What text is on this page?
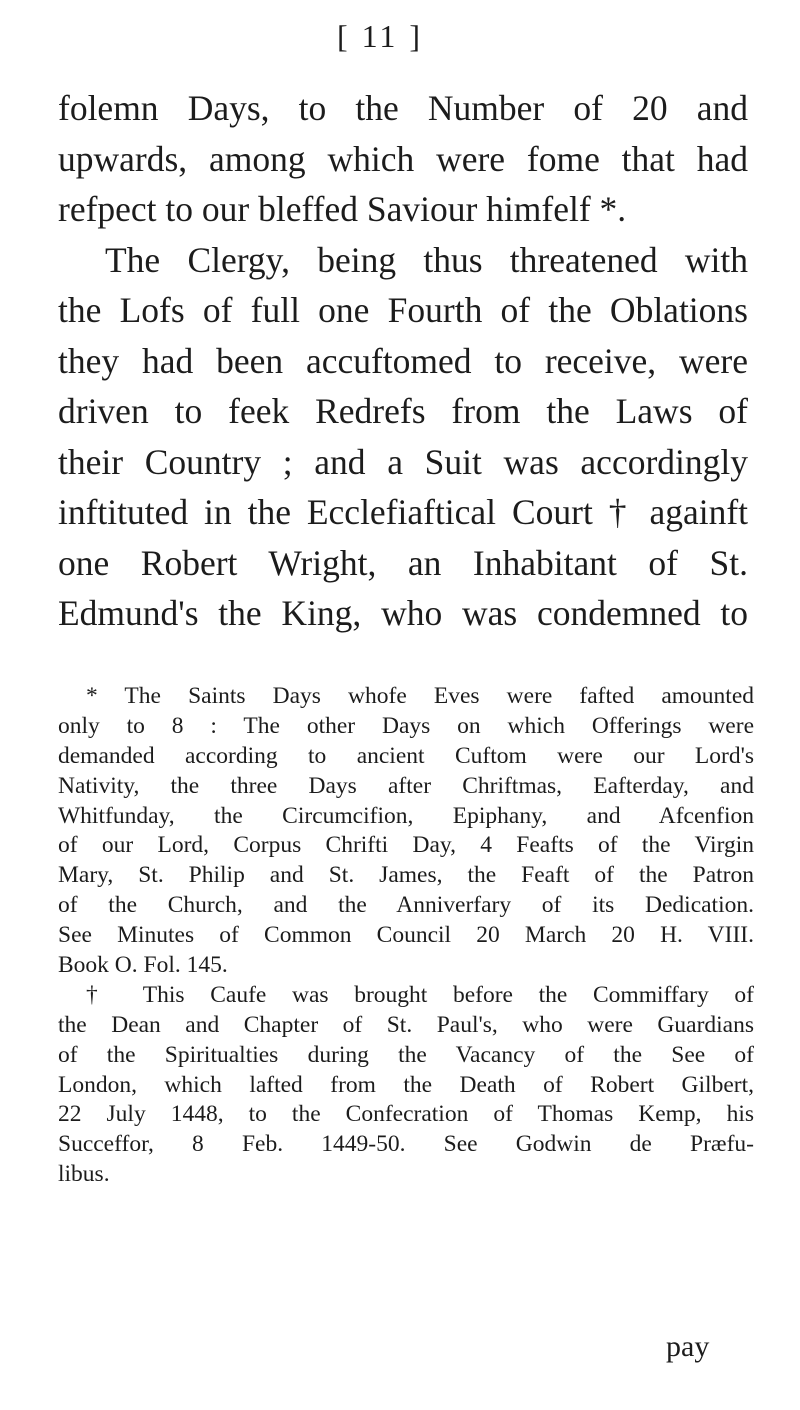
[ 11 ]
folemn Days, to the Number of 20 and
upwards, among which were fome that had
refpect to our bleffed Saviour himfelf *.
The Clergy, being thus threatened with
the Lofs of full one Fourth of the Oblations
they had been accuftomed to receive, were
driven to feek Redrefs from the Laws of
their Country ; and a Suit was accordingly
inftituted in the Ecclefiaftical Court † againft
one Robert Wright, an Inhabitant of St.
Edmund's the King, who was condemned to
* The Saints Days whofe Eves were fafted amounted
only to 8 : The other Days on which Offerings were
demanded according to ancient Cuftom were our Lord's
Nativity, the three Days after Chriftmas, Eafterday, and
Whitfunday, the Circumcifion, Epiphany, and Afcenfion
of our Lord, Corpus Chrifti Day, 4 Feafts of the Virgin
Mary, St. Philip and St. James, the Feaft of the Patron
of the Church, and the Anniverfary of its Dedication.
See Minutes of Common Council 20 March 20 H. VIII.
Book O. Fol. 145.
† This Caufe was brought before the Commiffary of
the Dean and Chapter of St. Paul's, who were Guardians
of the Spiritualties during the Vacancy of the See of
London, which lafted from the Death of Robert Gilbert,
22 July 1448, to the Confecration of Thomas Kemp, his
Succeffor, 8 Feb. 1449-50. See Godwin de Præfu-
libus.
pay
